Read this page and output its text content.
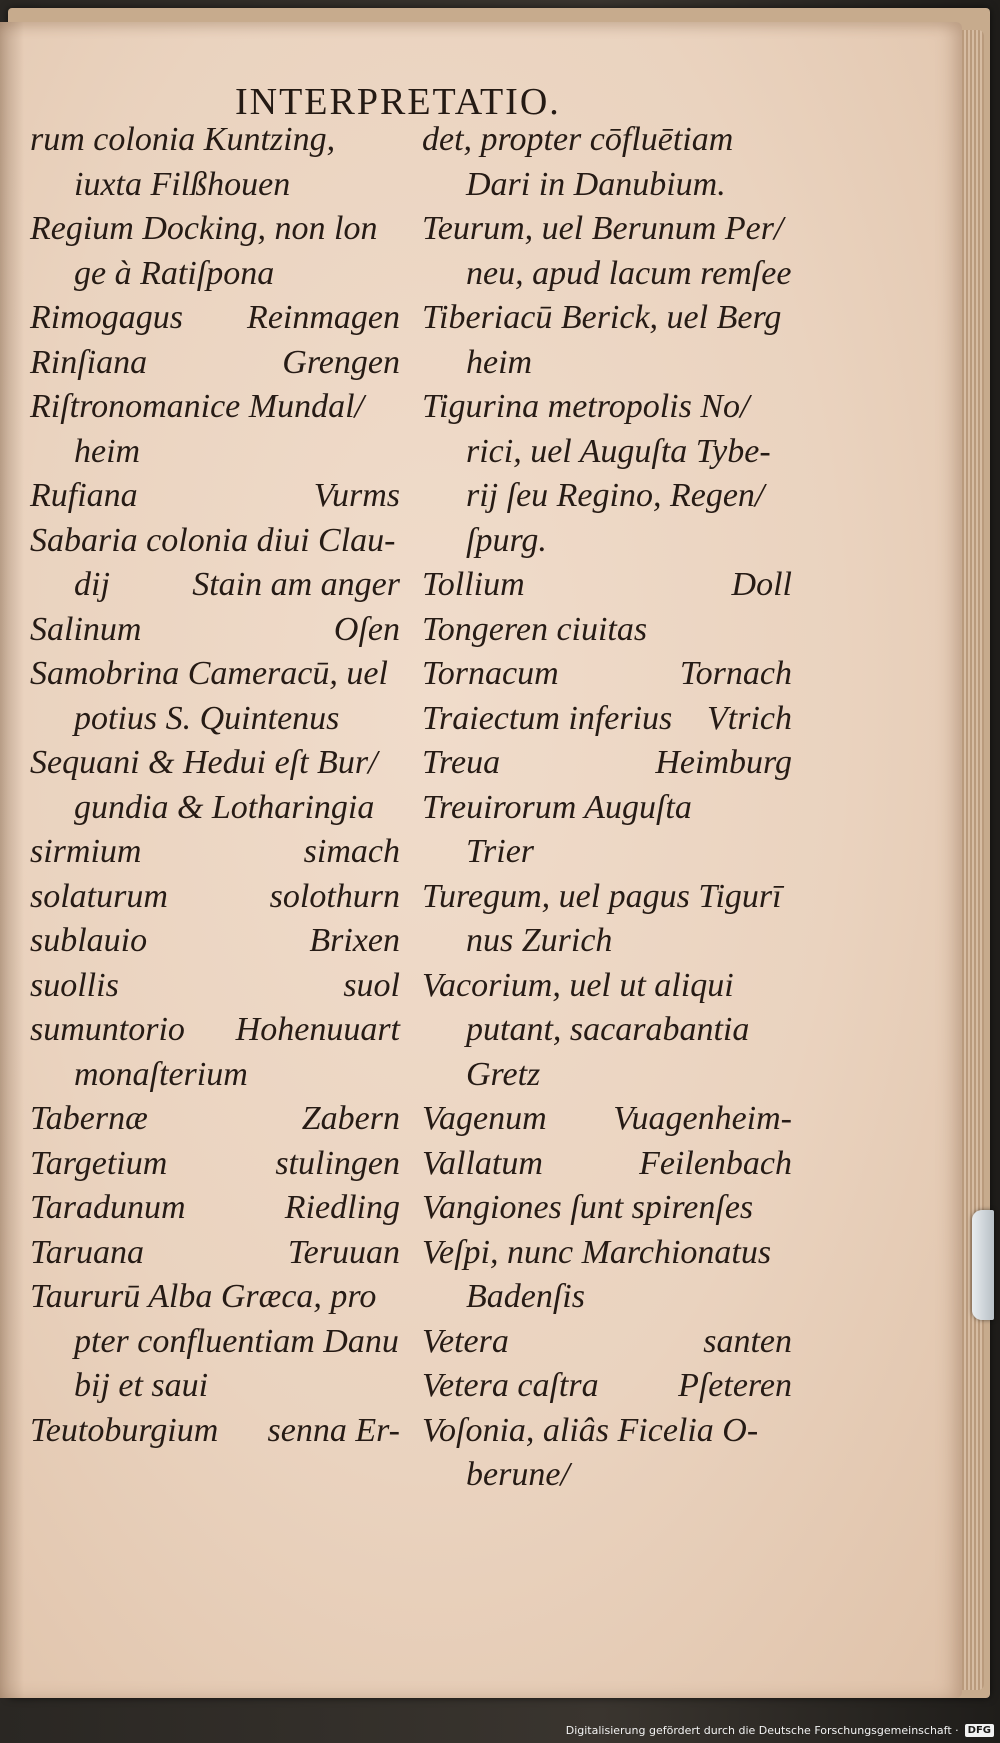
INTERPRETATIO.
rum colonia Kuntzing,
iuxta Filßhouen
Regium Docking, non lon
ge à Ratiſpona
Rimogagus Reinmagen
Rinſiana	Grengen
Riſtronomanice Mundal/
heim
Rufiana	Vurms
Sabaria colonia diui Clau-
dij Stain am anger
Salinum	Oſen
Samobrina Cameracū, uel
potius S. Quintenus
Sequani & Hedui eſt Bur/
gundia & Lotharingia
sirmium	simach
solaturum	solothurn
sublauio	Brixen
suollis	suol
sumuntorio Hohenuuart
monaſterium
Tabernæ	Zabern
Targetium	stulingen
Taradunum	Riedling
Taruana	Teruuan
Taururū Alba Græca, pro
pter confluentiam Danu
bij et saui
Teutoburgium senna Er-
det, propter cōfluētiam
Dari in Danubium.
Teurum, uel Berunum Per/
neu, apud lacum remſee
Tiberiacū Berick, uel Berg
heim
Tigurina metropolis No/
rici, uel Auguſta Tybe-
rij ſeu Regino, Regen/
ſpurg.
Tollium	Doll
Tongeren ciuitas
Tornacum	Tornach
Traiectum inferius Vtrich
Treua	Heimburg
Treuirorum Auguſta
Trier
Turegum, uel pagus Tigurī
nus Zurich
Vacorium, uel ut aliqui
putant, sacarabantia
Gretz
Vagenum Vuagenheim-
Vallatum	Feilenbach
Vangiones ſunt spirenſes
Veſpi, nunc Marchionatus
Badenſis
Vetera	santen
Vetera caſtra Pſeteren
Voſonia, aliâs Ficelia O-
berune/
Digitalisierung gefördert durch die Deutsche Forschungsgemeinschaft · DFG
